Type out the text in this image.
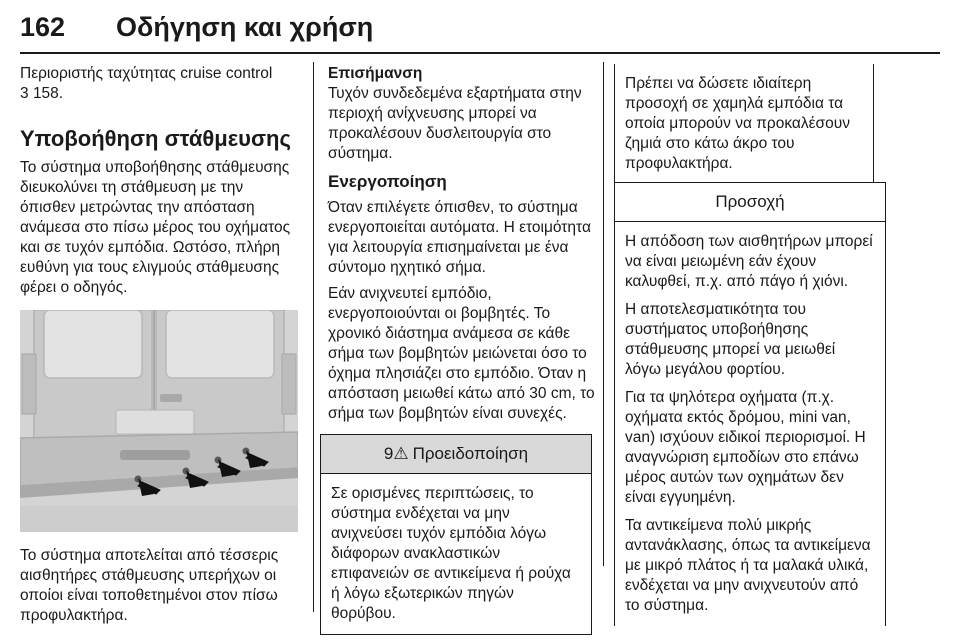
162 Οδήγηση και χρήση

Περιοριστής ταχύτητας cruise control
3 158.

Υποβοήθηση στάθμευσης

Το σύστημα υποβοήθησης στάθμευσης διευκολύνει τη στάθμευση με την όπισθεν μετρώντας την απόσταση ανάμεσα στο πίσω μέρος του οχήματος και σε τυχόν εμπόδια. Ωστόσο, πλήρη ευθύνη για τους ελιγμούς στάθμευσης φέρει ο οδηγός.

Το σύστημα αποτελείται από τέσσερις αισθητήρες στάθμευσης υπερήχων οι οποίοι είναι τοποθετημένοι στον πίσω προφυλακτήρα.

Επισήμανση

Τυχόν συνδεδεμένα εξαρτήματα στην περιοχή ανίχνευσης μπορεί να προκαλέσουν δυσλειτουργία στο σύστημα.

Ενεργοποίηση

Όταν επιλέγετε όπισθεν, το σύστημα ενεργοποιείται αυτόματα. Η ετοιμότητα για λειτουργία επισημαίνεται με ένα σύντομο ηχητικό σήμα.

Εάν ανιχνευτεί εμπόδιο, ενεργοποιούνται οι βομβητές. Το χρονικό διάστημα ανάμεσα σε κάθε σήμα των βομβητών μειώνεται όσο το όχημα πλησιάζει στο εμπόδιο. Όταν η απόσταση μειωθεί κάτω από 30 cm, το σήμα των βομβητών είναι συνεχές.

9⚠ Προειδοποίηση

Σε ορισμένες περιπτώσεις, το σύστημα ενδέχεται να μην ανιχνεύσει τυχόν εμπόδια λόγω διάφορων ανακλαστικών επιφανειών σε αντικείμενα ή ρούχα ή λόγω εξωτερικών πηγών θορύβου.

Πρέπει να δώσετε ιδιαίτερη προσοχή σε χαμηλά εμπόδια τα οποία μπορούν να προκαλέσουν ζημιά στο κάτω άκρο του προφυλακτήρα.

Προσοχή

Η απόδοση των αισθητήρων μπορεί να είναι μειωμένη εάν έχουν καλυφθεί, π.χ. από πάγο ή χιόνι.

Η αποτελεσματικότητα του συστήματος υποβοήθησης στάθμευσης μπορεί να μειωθεί λόγω μεγάλου φορτίου.

Για τα ψηλότερα οχήματα (π.χ. οχήματα εκτός δρόμου, mini van, van) ισχύουν ειδικοί περιορισμοί. Η αναγνώριση εμποδίων στο επάνω μέρος αυτών των οχημάτων δεν είναι εγγυημένη.

Τα αντικείμενα πολύ μικρής αντανάκλασης, όπως τα αντικείμενα με μικρό πλάτος ή τα μαλακά υλικά, ενδέχεται να μην ανιχνευτούν από το σύστημα.
